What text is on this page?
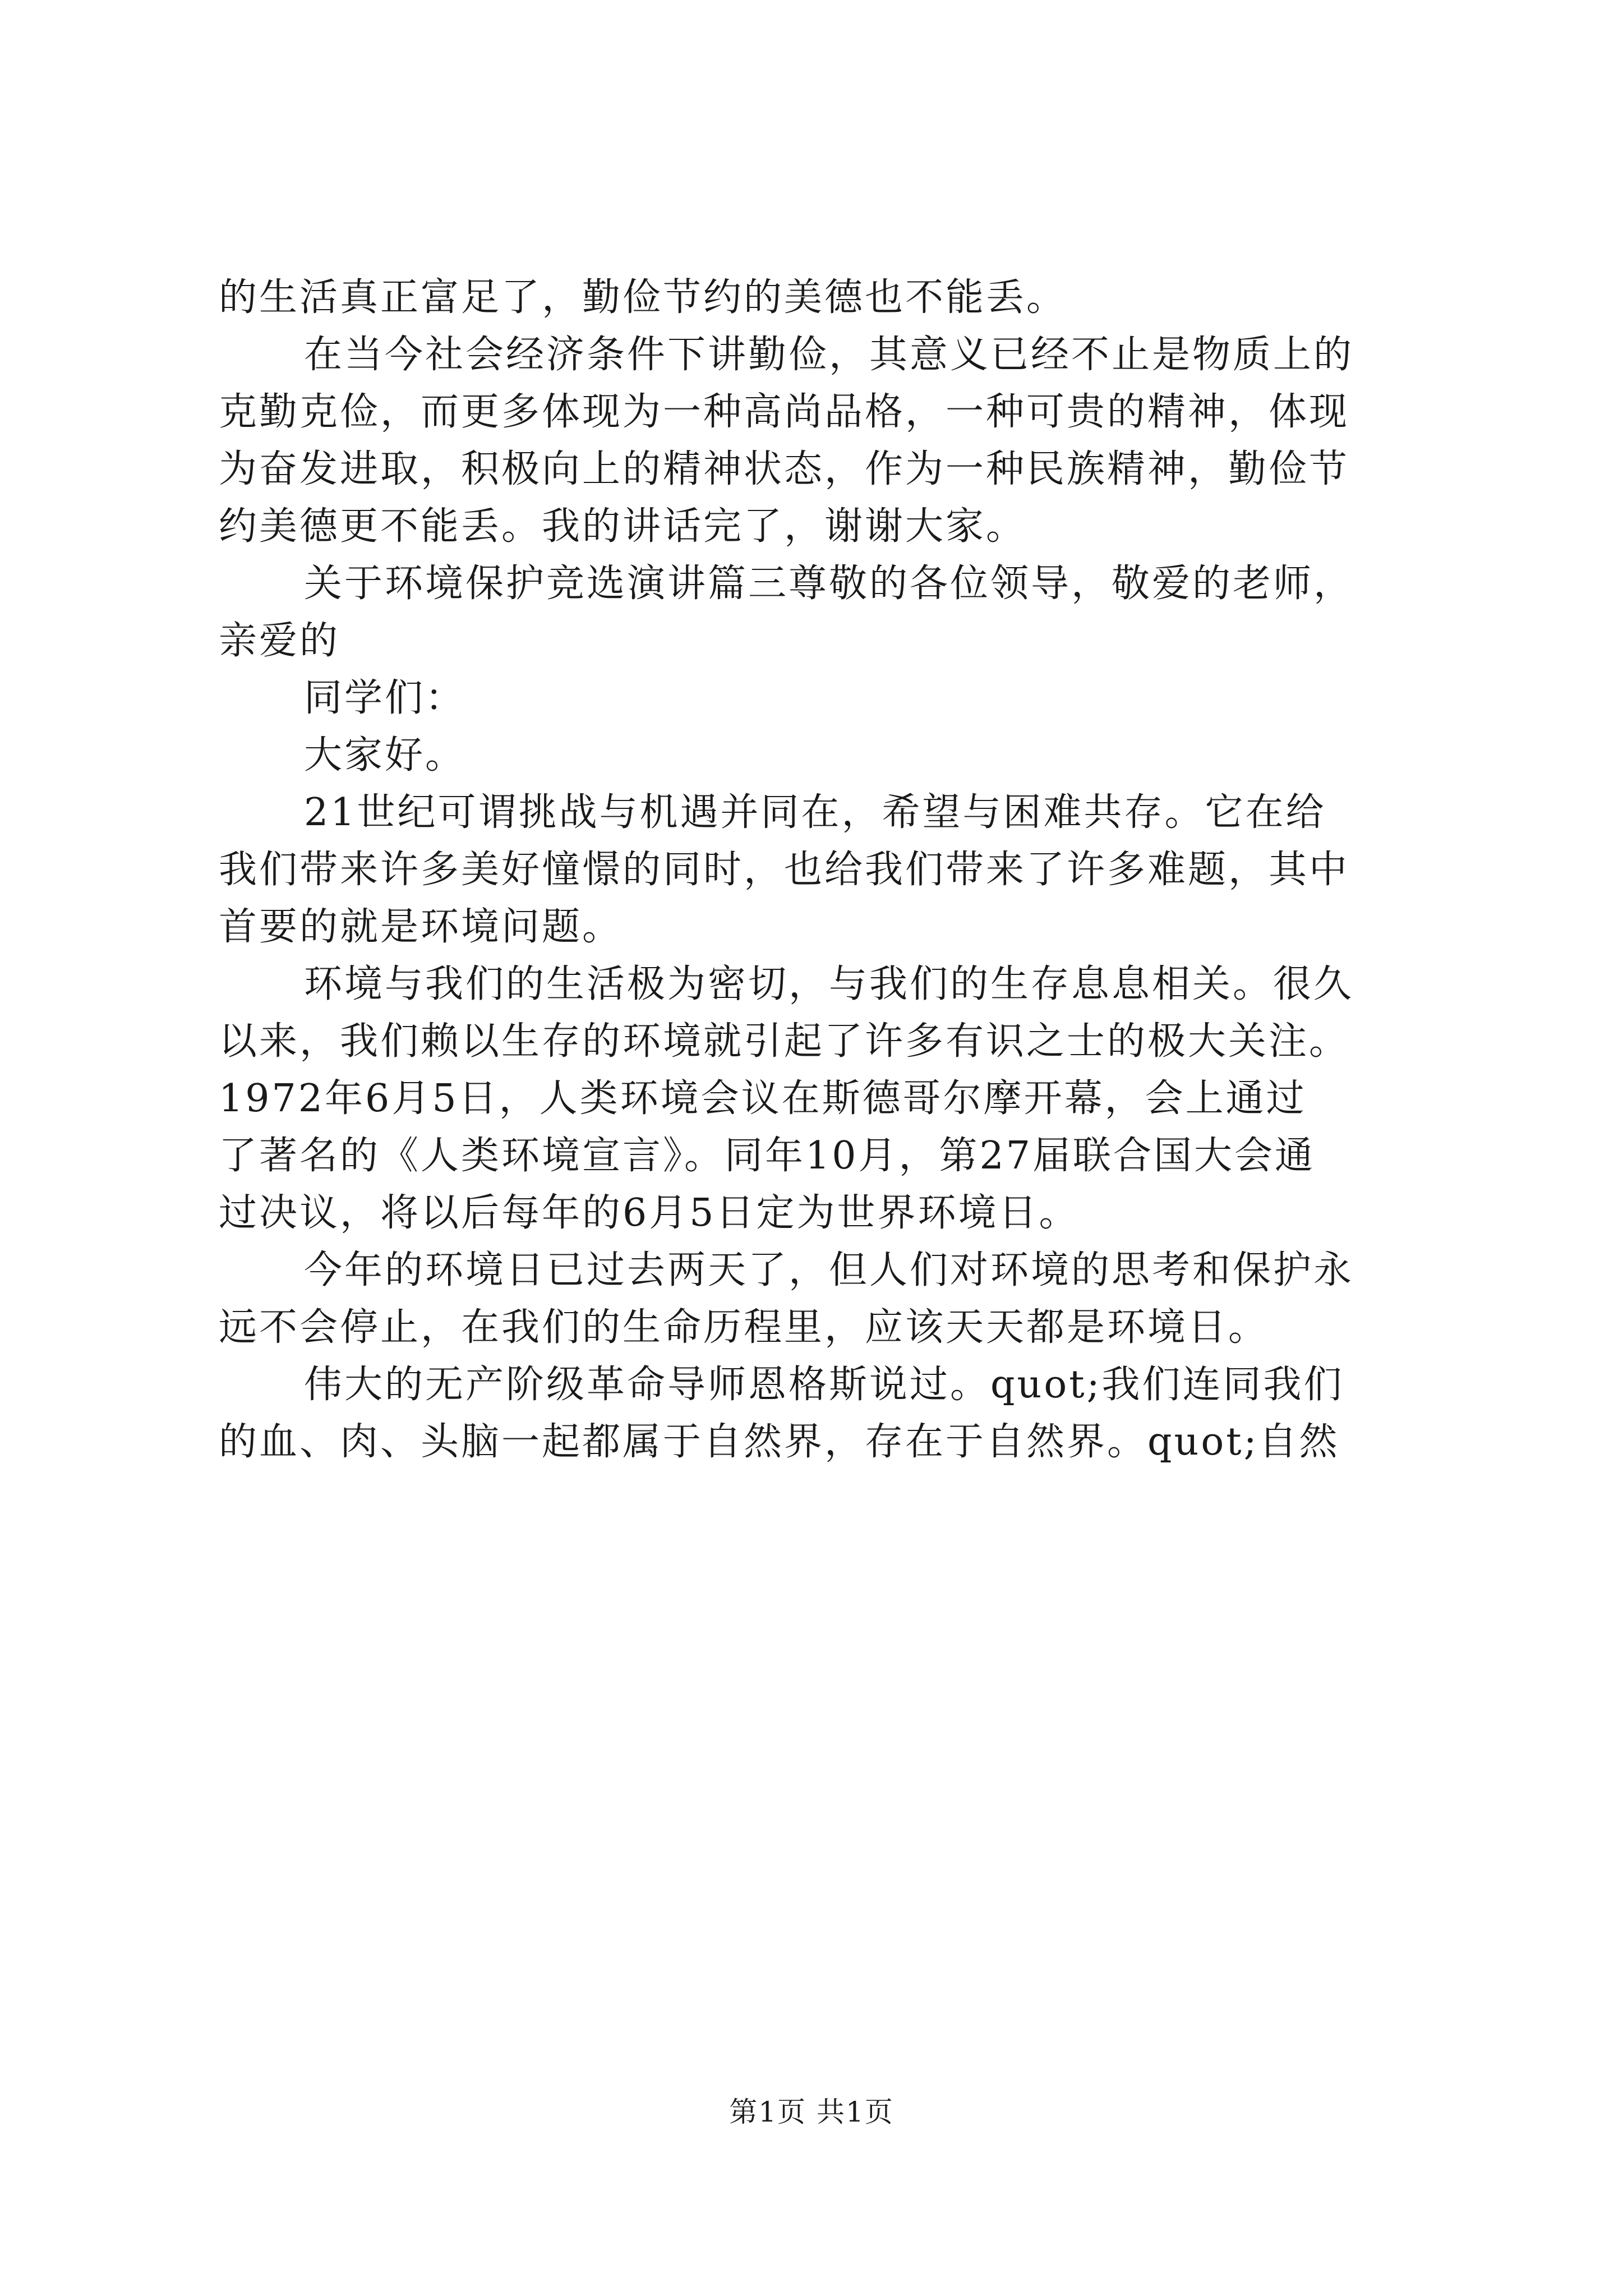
的生活真正富足了，勤俭节约的美德也不能丢。
在当今社会经济条件下讲勤俭，其意义已经不止是物质上的
克勤克俭，而更多体现为一种高尚品格，一种可贵的精神，体现
为奋发进取，积极向上的精神状态，作为一种民族精神，勤俭节
约美德更不能丢。我的讲话完了，谢谢大家。
关于环境保护竞选演讲篇三尊敬的各位领导，敬爱的老师，
亲爱的
同学们：
大家好。
21世纪可谓挑战与机遇并同在，希望与困难共存。它在给
我们带来许多美好憧憬的同时，也给我们带来了许多难题，其中
首要的就是环境问题。
环境与我们的生活极为密切，与我们的生存息息相关。很久
以来，我们赖以生存的环境就引起了许多有识之士的极大关注。
1972年6月5日，人类环境会议在斯德哥尔摩开幕，会上通过
了著名的《人类环境宣言》。同年10月，第27届联合国大会通
过决议，将以后每年的6月5日定为世界环境日。
今年的环境日已过去两天了，但人们对环境的思考和保护永
远不会停止，在我们的生命历程里，应该天天都是环境日。
伟大的无产阶级革命导师恩格斯说过。quot;我们连同我们
的血、肉、头脑一起都属于自然界，存在于自然界。quot;自然
第1页 共1页
